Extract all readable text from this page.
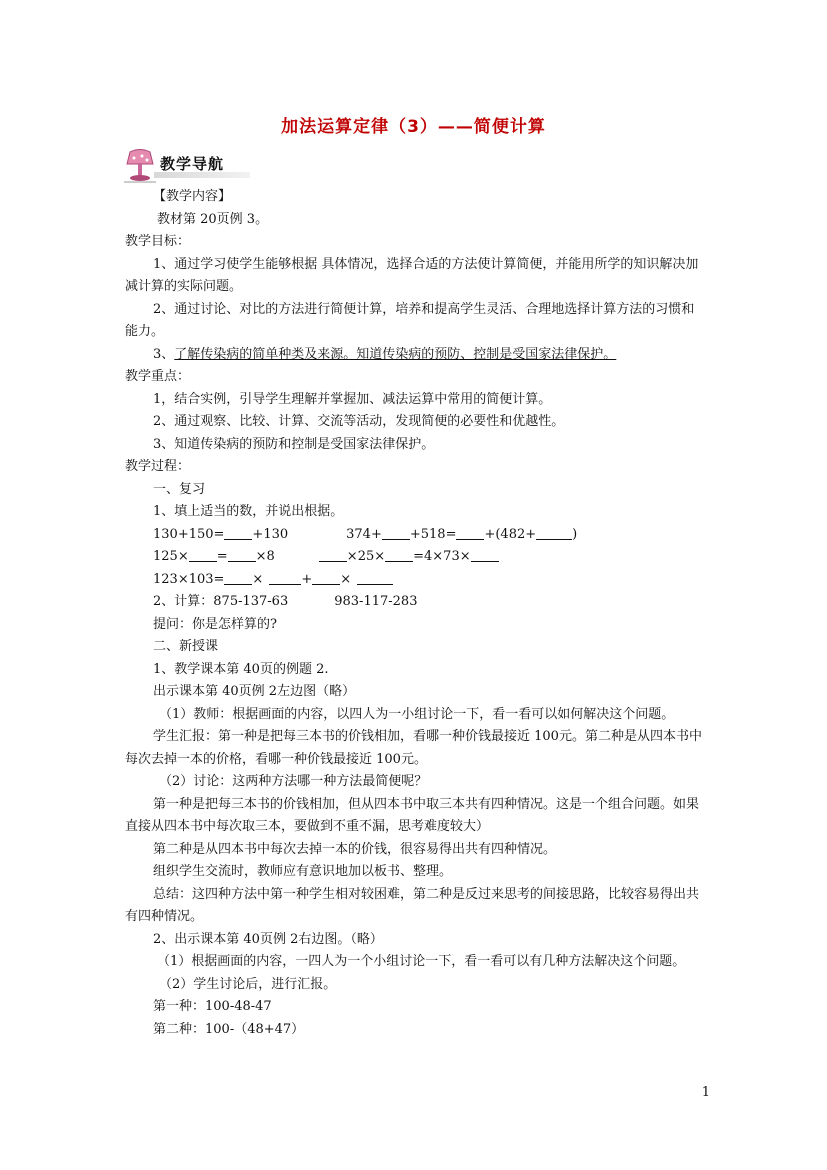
加法运算定律（3）——简便计算
教学导航
【教学内容】
教材第 20页例 3。
教学目标：
1、通过学习使学生能够根据 具体情况，选择合适的方法使计算简便，并能用所学的知识解决加减计算的实际问题。
2、通过讨论、对比的方法进行简便计算，培养和提高学生灵活、合理地选择计算方法的习惯和能力。
3、了解传染病的简单种类及来源。知道传染病的预防、控制是受国家法律保护。
教学重点：
1，结合实例，引导学生理解并掌握加、减法运算中常用的简便计算。
2、通过观察、比较、计算、交流等活动，发现简便的必要性和优越性。
3、知道传染病的预防和控制是受国家法律保护。
教学过程：
一、复习
1、填上适当的数，并说出根据。
130+150= +130	374+ +518= +(482+	)
125× = ×8	×25× =4×73×
123×103= ×	+ ×
2、计算：875-137-63	983-117-283
提问：你是怎样算的?
二、新授课
1、教学课本第 40页的例题 2.
出示课本第 40页例 2左边图（略）
（1）教师：根据画面的内容，以四人为一小组讨论一下，看一看可以如何解决这个问题。
学生汇报：第一种是把每三本书的价钱相加，看哪一种价钱最接近 100元。第二种是从四本书中每次去掉一本的价格，看哪一种价钱最接近 100元。
（2）讨论：这两种方法哪一种方法最简便呢？
第一种是把每三本书的价钱相加，但从四本书中取三本共有四种情况。这是一个组合问题。如果直接从四本书中每次取三本，要做到不重不漏，思考难度较大）
第二种是从四本书中每次去掉一本的价钱，很容易得出共有四种情况。
组织学生交流时，教师应有意识地加以板书、整理。
总结：这四种方法中第一种学生相对较困难，第二种是反过来思考的间接思路，比较容易得出共有四种情况。
2、出示课本第 40页例 2右边图。（略）
（1）根据画面的内容，一四人为一个小组讨论一下，看一看可以有几种方法解决这个问题。
（2）学生讨论后，进行汇报。
第一种：100-48-47
第二种：100-（48+47）
1
